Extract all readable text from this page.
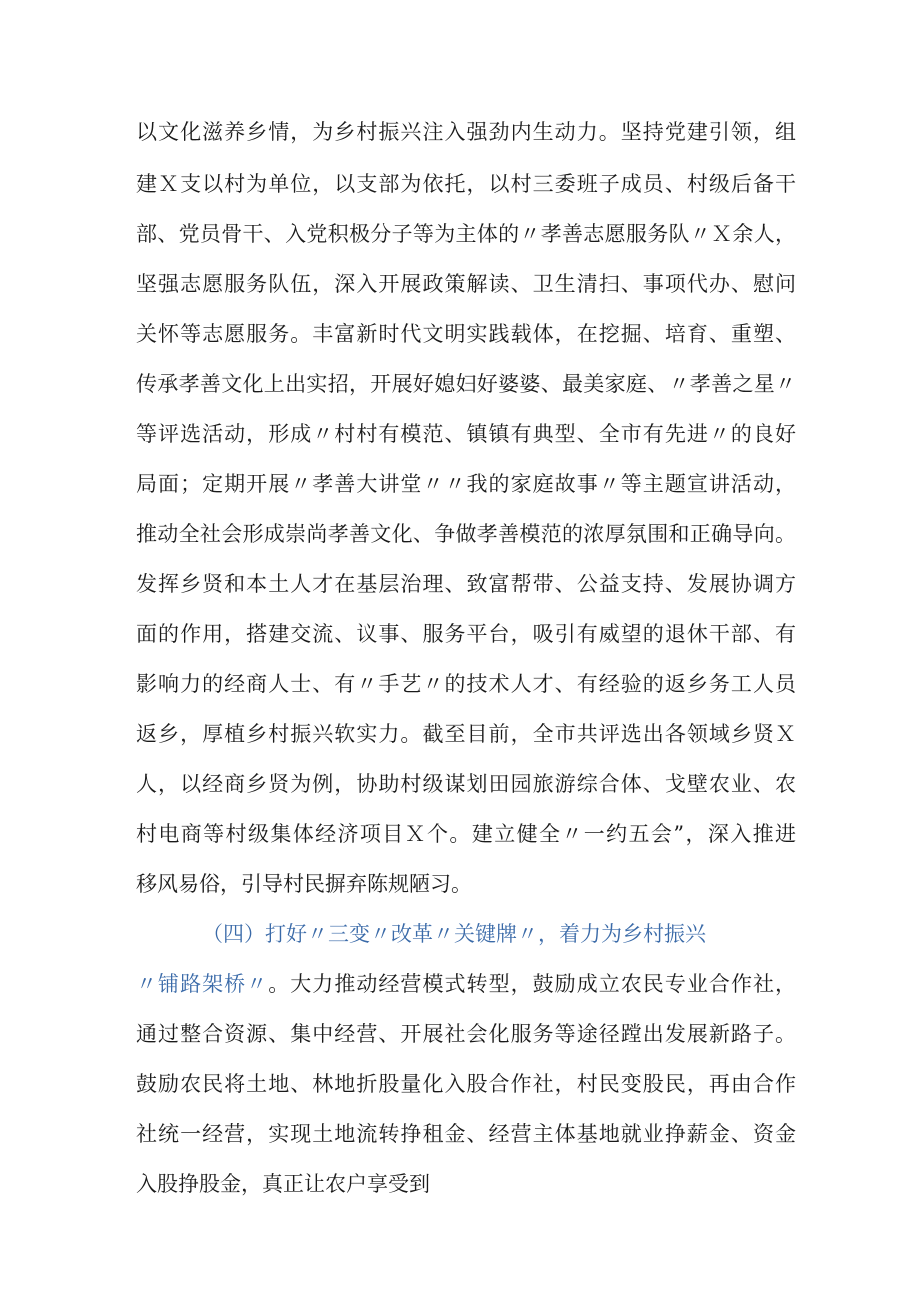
以文化滋养乡情，为乡村振兴注入强劲内生动力。坚持党建引领，组
建Ｘ支以村为单位，以支部为依托，以村三委班子成员、村级后备干
部、党员骨干、入党积极分子等为主体的〃孝善志愿服务队〃Ｘ余人，
坚强志愿服务队伍，深入开展政策解读、卫生清扫、事项代办、慰问
关怀等志愿服务。丰富新时代文明实践载体，在挖掘、培育、重塑、
传承孝善文化上出实招，开展好媳妇好婆婆、最美家庭、〃孝善之星〃
等评选活动，形成〃村村有模范、镇镇有典型、全市有先进〃的良好
局面；定期开展〃孝善大讲堂〃〃我的家庭故事〃等主题宣讲活动，
推动全社会形成崇尚孝善文化、争做孝善模范的浓厚氛围和正确导向。
发挥乡贤和本土人才在基层治理、致富帮带、公益支持、发展协调方
面的作用，搭建交流、议事、服务平台，吸引有威望的退休干部、有
影响力的经商人士、有〃手艺〃的技术人才、有经验的返乡务工人员
返乡，厚植乡村振兴软实力。截至目前，全市共评选出各领域乡贤Ｘ
人，以经商乡贤为例，协助村级谋划田园旅游综合体、戈壁农业、农
村电商等村级集体经济项目Ｘ个。建立健全〃一约五会”，深入推进
移风易俗，引导村民摒弃陈规陋习。
（四）打好〃三变〃改革〃关键牌〃，着力为乡村振兴
〃铺路架桥〃。大力推动经营模式转型，鼓励成立农民专业合作社，
通过整合资源、集中经营、开展社会化服务等途径蹚出发展新路子。
鼓励农民将土地、林地折股量化入股合作社，村民变股民，再由合作
社统一经营，实现土地流转挣租金、经营主体基地就业挣薪金、资金
入股挣股金，真正让农户享受到
